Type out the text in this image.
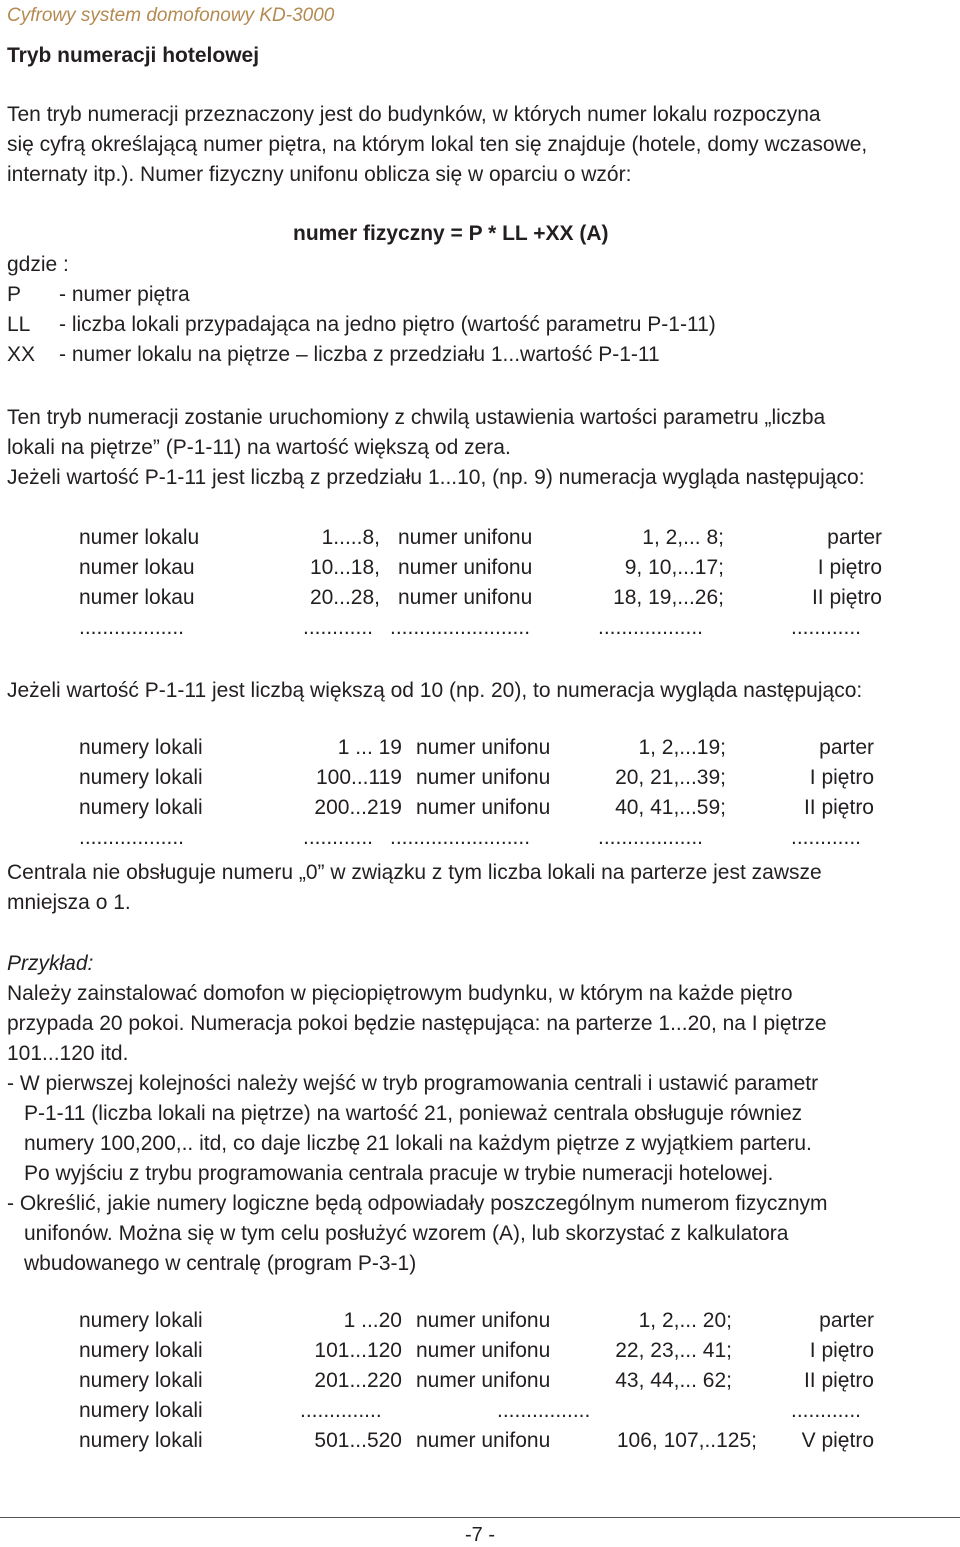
Cyfrowy system domofonowy KD-3000
Tryb numeracji hotelowej
Ten tryb numeracji przeznaczony jest do budynków, w których numer lokalu rozpoczyna
się cyfrą określającą numer piętra, na którym lokal ten się znajduje (hotele, domy wczasowe,
internaty itp.). Numer fizyczny unifonu oblicza się w oparciu o wzór:
numer fizyczny = P * LL +XX (A)
gdzie :
P - numer piętra
LL - liczba lokali przypadająca na jedno piętro (wartość parametru P-1-11)
XX - numer lokalu na piętrze – liczba z przedziału 1...wartość P-1-11
Ten tryb numeracji zostanie uruchomiony z chwilą ustawienia wartości parametru „liczba
lokali na piętrze” (P-1-11) na wartość większą od zera.
Jeżeli wartość P-1-11 jest liczbą z przedziału 1...10, (np. 9) numeracja wygląda następująco:
numer lokalu	1.....8, numer unifonu	1, 2,... 8;	parter
numer lokau	10...18, numer unifonu	9, 10,...17;	I piętro
numer lokau	20...28, numer unifonu	18, 19,...26;	II piętro
..................	............ ........................	..................	............
Jeżeli wartość P-1-11 jest liczbą większą od 10 (np. 20), to numeracja wygląda następująco:
numery lokali	1 ... 19 numer unifonu	1, 2,...19;	parter
numery lokali	100...119 numer unifonu	20, 21,...39;	I piętro
numery lokali	200...219 numer unifonu	40, 41,...59;	II piętro
..................	............ ........................	..................	............
Centrala nie obsługuje numeru „0” w związku z tym liczba lokali na parterze jest zawsze
mniejsza o 1.
Przykład:
Należy zainstalować domofon w pięciopiętrowym budynku, w którym na każde piętro
przypada 20 pokoi. Numeracja pokoi będzie następująca: na parterze 1...20, na I piętrze
101...120 itd.
- W pierwszej kolejności należy wejść w tryb programowania centrali i ustawić parametr
P-1-11 (liczba lokali na piętrze) na wartość 21, ponieważ centrala obsługuje równiez
numery 100,200,.. itd, co daje liczbę 21 lokali na każdym piętrze z wyjątkiem parteru.
Po wyjściu z trybu programowania centrala pracuje w trybie numeracji hotelowej.
- Określić, jakie numery logiczne będą odpowiadały poszczególnym numerom fizycznym
unifonów. Można się w tym celu posłużyć wzorem (A), lub skorzystać z kalkulatora
wbudowanego w centralę (program P-3-1)
numery lokali	1 ...20 numer unifonu	1, 2,... 20;	parter
numery lokali	101...120 numer unifonu	22, 23,... 41;	I piętro
numery lokali	201...220 numer unifonu	43, 44,... 62;	II piętro
numery lokali	..............	................	............
numery lokali	501...520 numer unifonu	106, 107,..125; V piętro
-7 -
